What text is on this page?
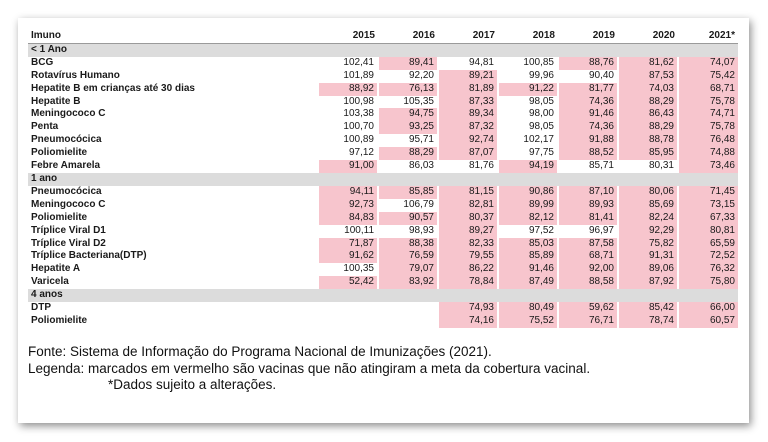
Imuno	2015	2016	2017	2018	2019	2020	2021*
< 1 Ano							
BCG	102,41	89,41	94,81	100,85	88,76	81,62	74,07
Rotavírus Humano	101,89	92,20	89,21	99,96	90,40	87,53	75,42
Hepatite B em crianças até 30 dias	88,92	76,13	81,89	91,22	81,77	74,03	68,71
Hepatite B	100,98	105,35	87,33	98,05	74,36	88,29	75,78
Meningococo C	103,38	94,75	89,34	98,00	91,46	86,43	74,71
Penta	100,70	93,25	87,32	98,05	74,36	88,29	75,78
Pneumocócica	100,89	95,71	92,74	102,17	91,88	88,78	76,48
Poliomielite	97,12	88,29	87,07	97,75	88,52	85,95	74,88
Febre Amarela	91,00	86,03	81,76	94,19	85,71	80,31	73,46
1 ano							
Pneumocócica	94,11	85,85	81,15	90,86	87,10	80,06	71,45
Meningococo C	92,73	106,79	82,81	89,99	89,93	85,69	73,15
Poliomielite	84,83	90,57	80,37	82,12	81,41	82,24	67,33
Tríplice Viral D1	100,11	98,93	89,27	97,52	96,97	92,29	80,81
Tríplice Viral D2	71,87	88,38	82,33	85,03	87,58	75,82	65,59
Tríplice Bacteriana(DTP)	91,62	76,59	79,55	85,89	68,71	91,31	72,52
Hepatite A	100,35	79,07	86,22	91,46	92,00	89,06	76,32
Varicela	52,42	83,92	78,84	87,49	88,58	87,92	75,80
4 anos							
DTP			74,93	80,49	59,62	85,42	66,00
Poliomielite			74,16	75,52	76,71	78,74	60,57
Fonte: Sistema de Informação do Programa Nacional de Imunizações (2021).
Legenda: marcados em vermelho são vacinas que não atingiram a meta da cobertura vacinal.
*Dados sujeito a alterações.
